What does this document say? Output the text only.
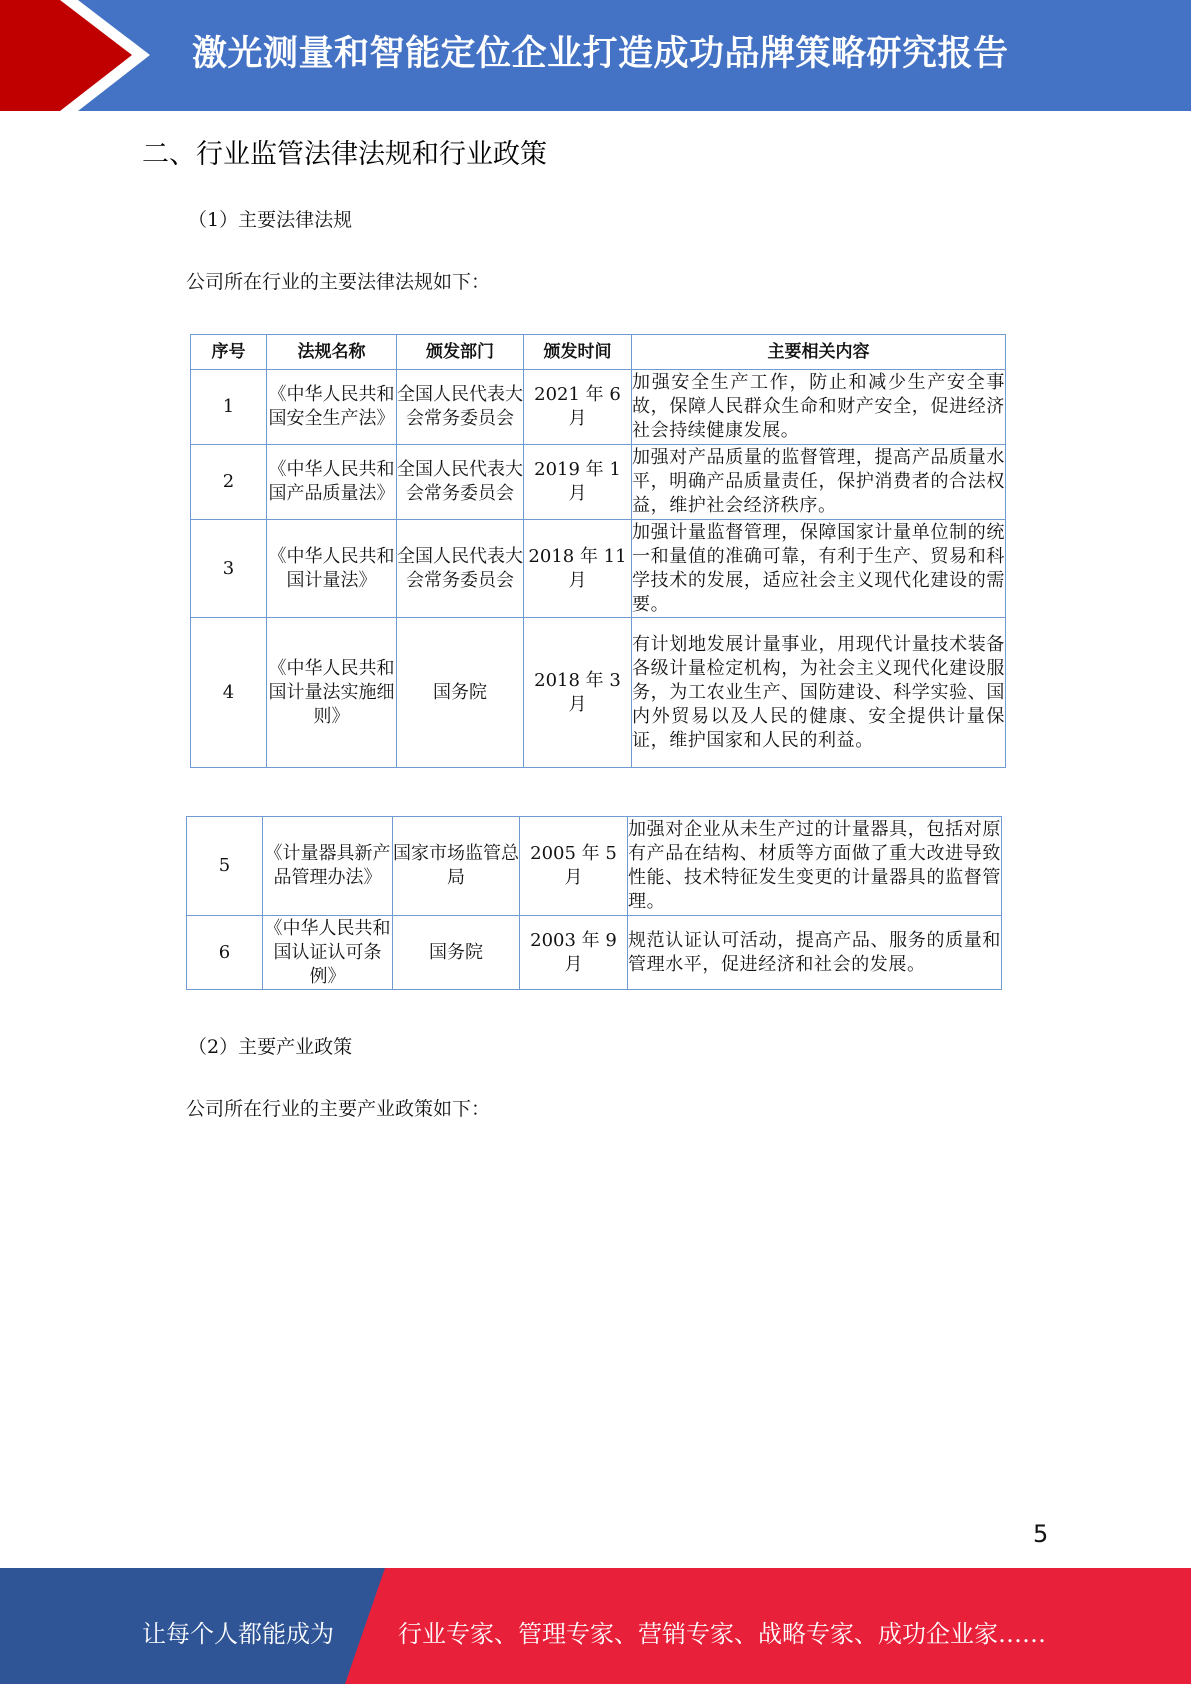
激光测量和智能定位企业打造成功品牌策略研究报告
二、行业监管法律法规和行业政策
（1）主要法律法规
公司所在行业的主要法律法规如下：
序号	法规名称	颁发部门	颁发时间	主要相关内容
1	《中华人民共和国安全生产法》	全国人民代表大会常务委员会	2021 年 6 月	加强安全生产工作，防止和减少生产安全事故，保障人民群众生命和财产安全，促进经济社会持续健康发展。
2	《中华人民共和国产品质量法》	全国人民代表大会常务委员会	2019 年 1 月	加强对产品质量的监督管理，提高产品质量水平，明确产品质量责任，保护消费者的合法权益，维护社会经济秩序。
3	《中华人民共和国计量法》	全国人民代表大会常务委员会	2018 年 11 月	加强计量监督管理，保障国家计量单位制的统一和量值的准确可靠，有利于生产、贸易和科学技术的发展，适应社会主义现代化建设的需要。
4	《中华人民共和国计量法实施细则》	国务院	2018 年 3 月	有计划地发展计量事业，用现代计量技术装备各级计量检定机构，为社会主义现代化建设服务，为工农业生产、国防建设、科学实验、国内外贸易以及人民的健康、安全提供计量保证，维护国家和人民的利益。
5	《计量器具新产品管理办法》	国家市场监管总局	2005 年 5 月	加强对企业从未生产过的计量器具，包括对原有产品在结构、材质等方面做了重大改进导致性能、技术特征发生变更的计量器具的监督管理。
6	《中华人民共和国认证认可条例》	国务院	2003 年 9 月	规范认证认可活动，提高产品、服务的质量和管理水平，促进经济和社会的发展。
（2）主要产业政策
公司所在行业的主要产业政策如下：
5
让每个人都能成为	行业专家、管理专家、营销专家、战略专家、成功企业家……
